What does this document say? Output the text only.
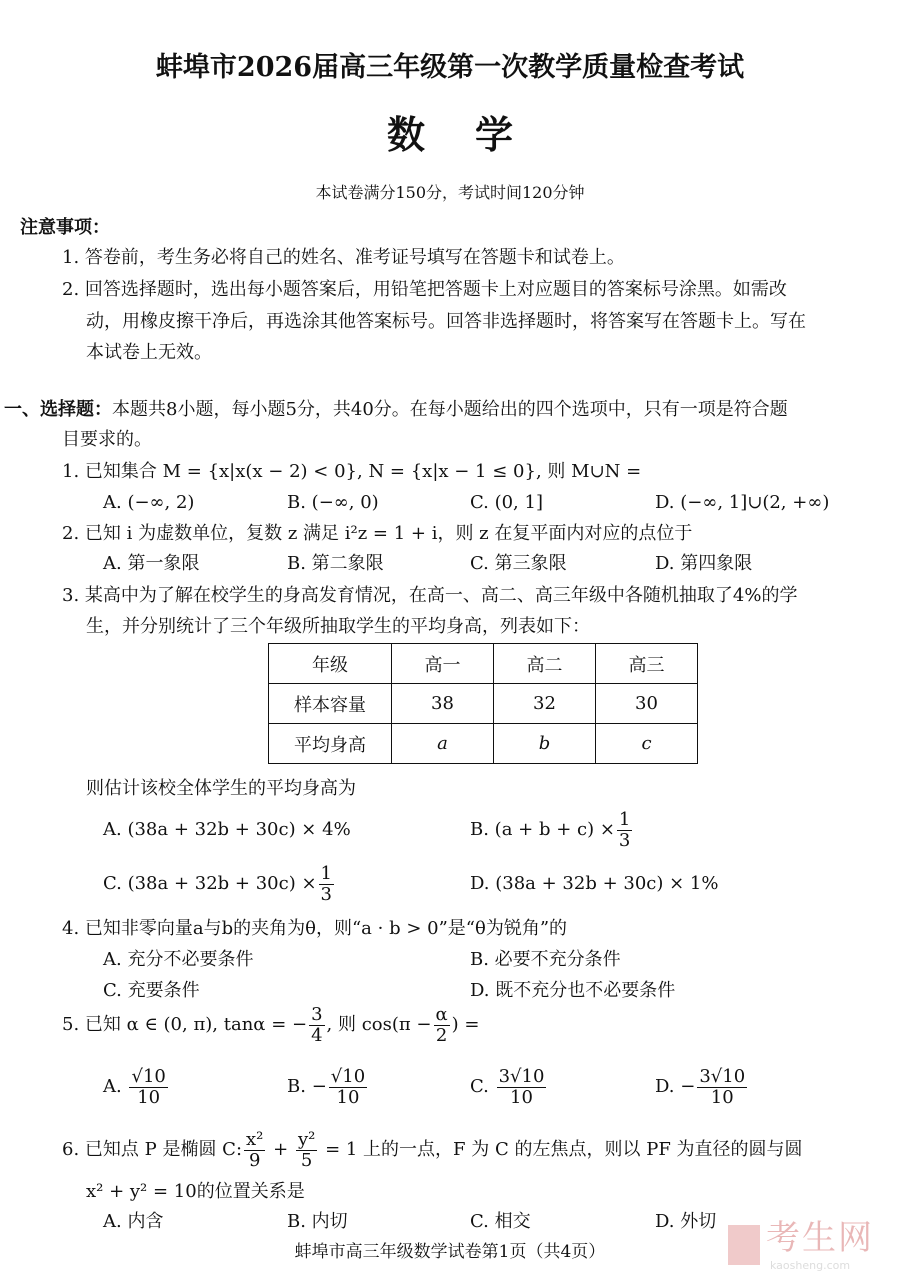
蚌埠市2026届高三年级第一次教学质量检查考试
数学
本试卷满分150分，考试时间120分钟
注意事项：
1. 答卷前，考生务必将自己的姓名、准考证号填写在答题卡和试卷上。
2. 回答选择题时，选出每小题答案后，用铅笔把答题卡上对应题目的答案标号涂黑。如需改
动，用橡皮擦干净后，再选涂其他答案标号。回答非选择题时，将答案写在答题卡上。写在
本试卷上无效。
一、选择题：本题共8小题，每小题5分，共40分。在每小题给出的四个选项中，只有一项是符合题
目要求的。
1. 已知集合 M = {x|x(x − 2) < 0}, N = {x|x − 1 ≤ 0}, 则 M∪N =
A. (−∞, 2)	B. (−∞, 0)	C. (0, 1]	D. (−∞, 1]∪(2, +∞)
2. 已知 i 为虚数单位，复数 z 满足 i²z = 1 + i，则 z 在复平面内对应的点位于
A. 第一象限	B. 第二象限	C. 第三象限	D. 第四象限
3. 某高中为了解在校学生的身高发育情况，在高一、高二、高三年级中各随机抽取了4%的学
生，并分别统计了三个年级所抽取学生的平均身高，列表如下：
年级	高一	高二	高三
样本容量	38	32	30
平均身高	a	b	c
则估计该校全体学生的平均身高为
A. (38a + 32b + 30c) × 4%	B. $(a + b + c) \times \frac{1}{3}$
C. $(38a + 32b + 30c) \times \frac{1}{3}$	D. (38a + 32b + 30c) × 1%
4. 已知非零向量a与b的夹角为θ，则“a · b > 0”是“θ为锐角”的
A. 充分不必要条件	B. 必要不充分条件
C. 充要条件	D. 既不充分也不必要条件
5. 已知 α ∈ (0, π), tanα = − $\frac{3}{4}$ , 则 $\cos(\pi - \frac{\alpha}{2}$ ) =
A. $\frac{√10}{10}$	B. − $\frac{√10}{10}$	C. $\frac{3√10}{10}$	D. − $\frac{3√10}{10}$
6. 已知点 P 是椭圆 C: $\frac{\text{x²}}{9} + \frac{\text{y²}}{5} = 1$ 上的一点，F 为 C 的左焦点，则以 PF 为直径的圆与圆
x² + y² = 10的位置关系是
A. 内含	B. 内切	C. 相交	D. 外切	考生网
kaosheng.com
蚌埠市高三年级数学试卷第1页（共4页）
